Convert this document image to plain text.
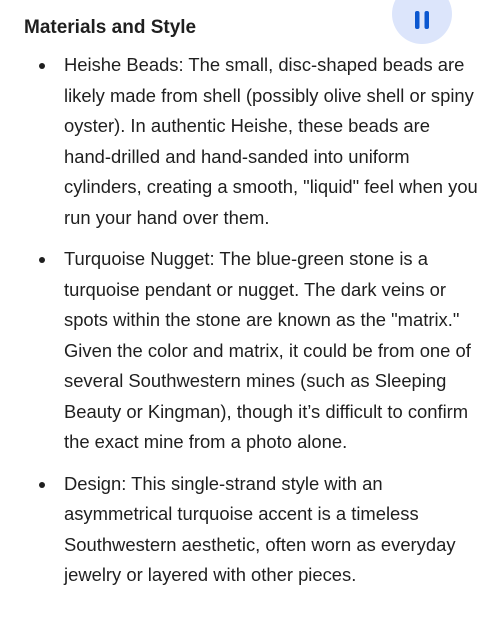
Materials and Style
Heishe Beads: The small, disc-shaped beads are likely made from shell (possibly olive shell or spiny oyster). In authentic Heishe, these beads are hand-drilled and hand-sanded into uniform cylinders, creating a smooth, "liquid" feel when you run your hand over them.
Turquoise Nugget: The blue-green stone is a turquoise pendant or nugget. The dark veins or spots within the stone are known as the "matrix." Given the color and matrix, it could be from one of several Southwestern mines (such as Sleeping Beauty or Kingman), though it’s difficult to confirm the exact mine from a photo alone.
Design: This single-strand style with an asymmetrical turquoise accent is a timeless Southwestern aesthetic, often worn as everyday jewelry or layered with other pieces.
